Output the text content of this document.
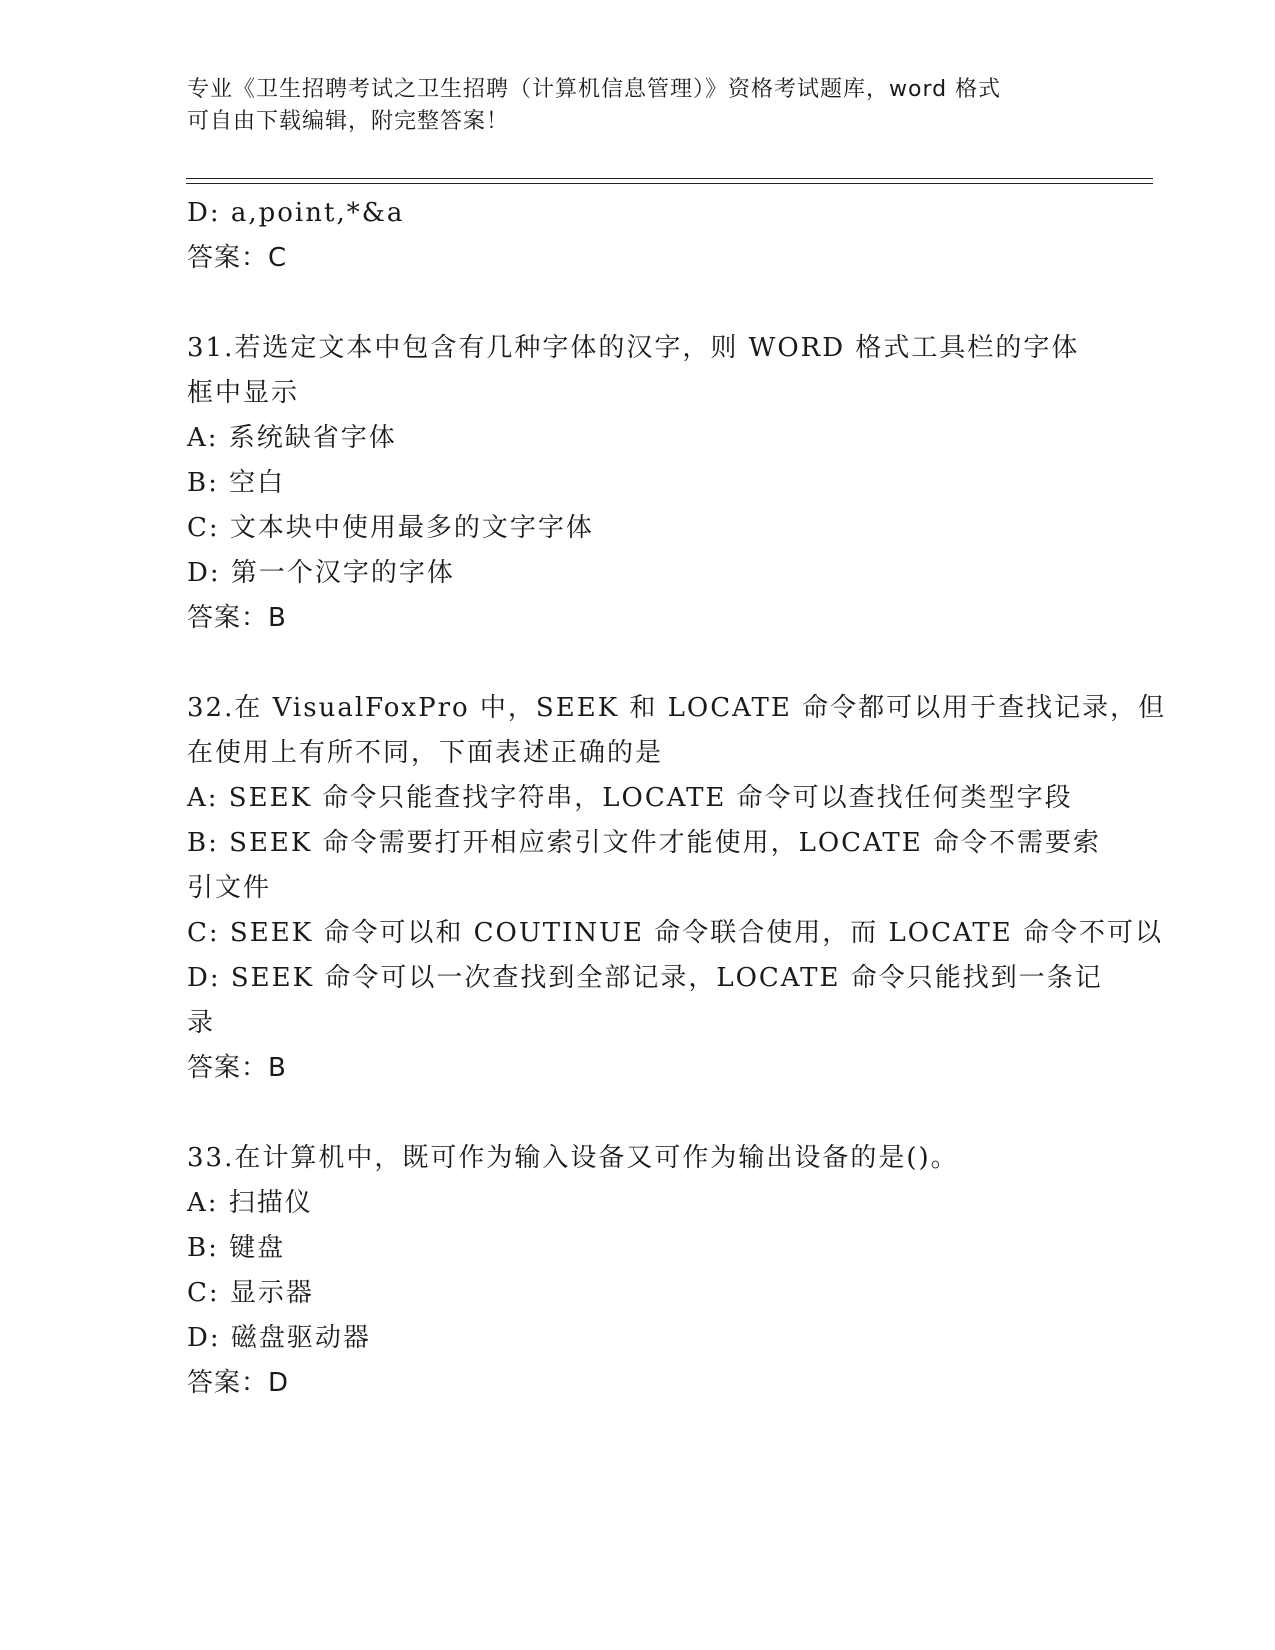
专业《卫生招聘考试之卫生招聘（计算机信息管理）》资格考试题库，word 格式
可自由下载编辑，附完整答案！
D: a,point,*&a
答案：C
31.若选定文本中包含有几种字体的汉字，则 WORD 格式工具栏的字体
框中显示
A: 系统缺省字体
B: 空白
C: 文本块中使用最多的文字字体
D: 第一个汉字的字体
答案：B
32.在 VisualFoxPro 中，SEEK 和 LOCATE 命令都可以用于查找记录，但
在使用上有所不同，下面表述正确的是
A: SEEK 命令只能查找字符串，LOCATE 命令可以查找任何类型字段
B: SEEK 命令需要打开相应索引文件才能使用，LOCATE 命令不需要索
引文件
C: SEEK 命令可以和 COUTINUE 命令联合使用，而 LOCATE 命令不可以
D: SEEK 命令可以一次查找到全部记录，LOCATE 命令只能找到一条记
录
答案：B
33.在计算机中，既可作为输入设备又可作为输出设备的是()。
A: 扫描仪
B: 键盘
C: 显示器
D: 磁盘驱动器
答案：D
